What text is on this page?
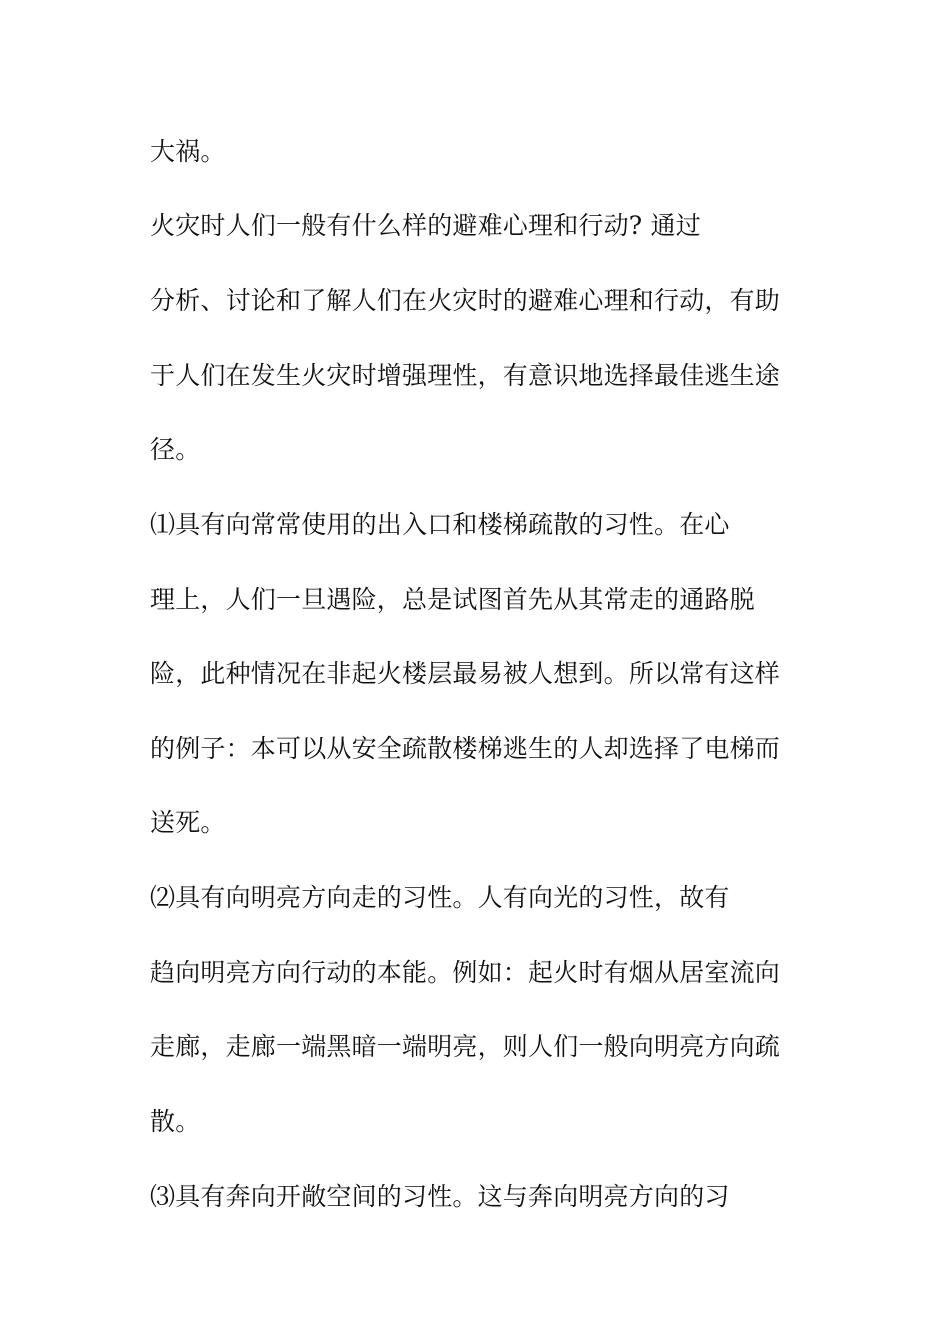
大祸。
火灾时人们一般有什么样的避难心理和行动? 通过
分析、讨论和了解人们在火灾时的避难心理和行动，有助
于人们在发生火灾时增强理性，有意识地选择最佳逃生途
径。
⑴具有向常常使用的出入口和楼梯疏散的习性。在心
理上，人们一旦遇险，总是试图首先从其常走的通路脱
险，此种情况在非起火楼层最易被人想到。所以常有这样
的例子：本可以从安全疏散楼梯逃生的人却选择了电梯而
送死。
⑵具有向明亮方向走的习性。人有向光的习性，故有
趋向明亮方向行动的本能。例如：起火时有烟从居室流向
走廊，走廊一端黑暗一端明亮，则人们一般向明亮方向疏
散。
⑶具有奔向开敞空间的习性。这与奔向明亮方向的习
